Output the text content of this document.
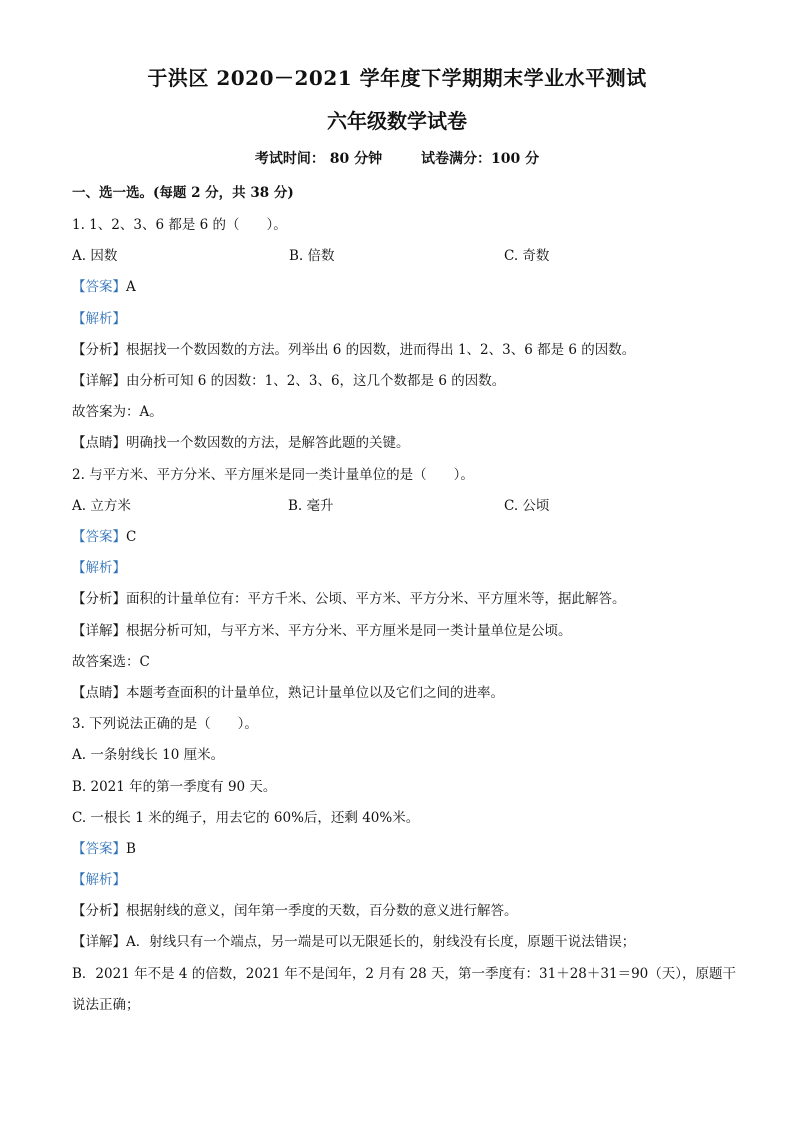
于洪区 2020－2021 学年度下学期期末学业水平测试
六年级数学试卷
考试时间： 80 分钟	试卷满分：100 分
一、选一选。(每题 2 分，共 38 分)
1. 1、2、3、6 都是 6 的（　　）。
A. 因数	B. 倍数	C. 奇数
【答案】A
【解析】
【分析】根据找一个数因数的方法。列举出 6 的因数，进而得出 1、2、3、6 都是 6 的因数。
【详解】由分析可知 6 的因数：1、2、3、6，这几个数都是 6 的因数。
故答案为：A。
【点睛】明确找一个数因数的方法，是解答此题的关键。
2. 与平方米、平方分米、平方厘米是同一类计量单位的是（　　）。
A. 立方米	B. 毫升	C. 公顷
【答案】C
【解析】
【分析】面积的计量单位有：平方千米、公顷、平方米、平方分米、平方厘米等，据此解答。
【详解】根据分析可知，与平方米、平方分米、平方厘米是同一类计量单位是公顷。
故答案选：C
【点睛】本题考查面积的计量单位，熟记计量单位以及它们之间的进率。
3. 下列说法正确的是（　　）。
A. 一条射线长 10 厘米。
B. 2021 年的第一季度有 90 天。
C. 一根长 1 米的绳子，用去它的 60%后，还剩 40%米。
【答案】B
【解析】
【分析】根据射线的意义，闰年第一季度的天数，百分数的意义进行解答。
【详解】A．射线只有一个端点，另一端是可以无限延长的，射线没有长度，原题干说法错误；
B．2021 年不是 4 的倍数，2021 年不是闰年，2 月有 28 天，第一季度有：31＋28＋31＝90（天），原题干
说法正确；
